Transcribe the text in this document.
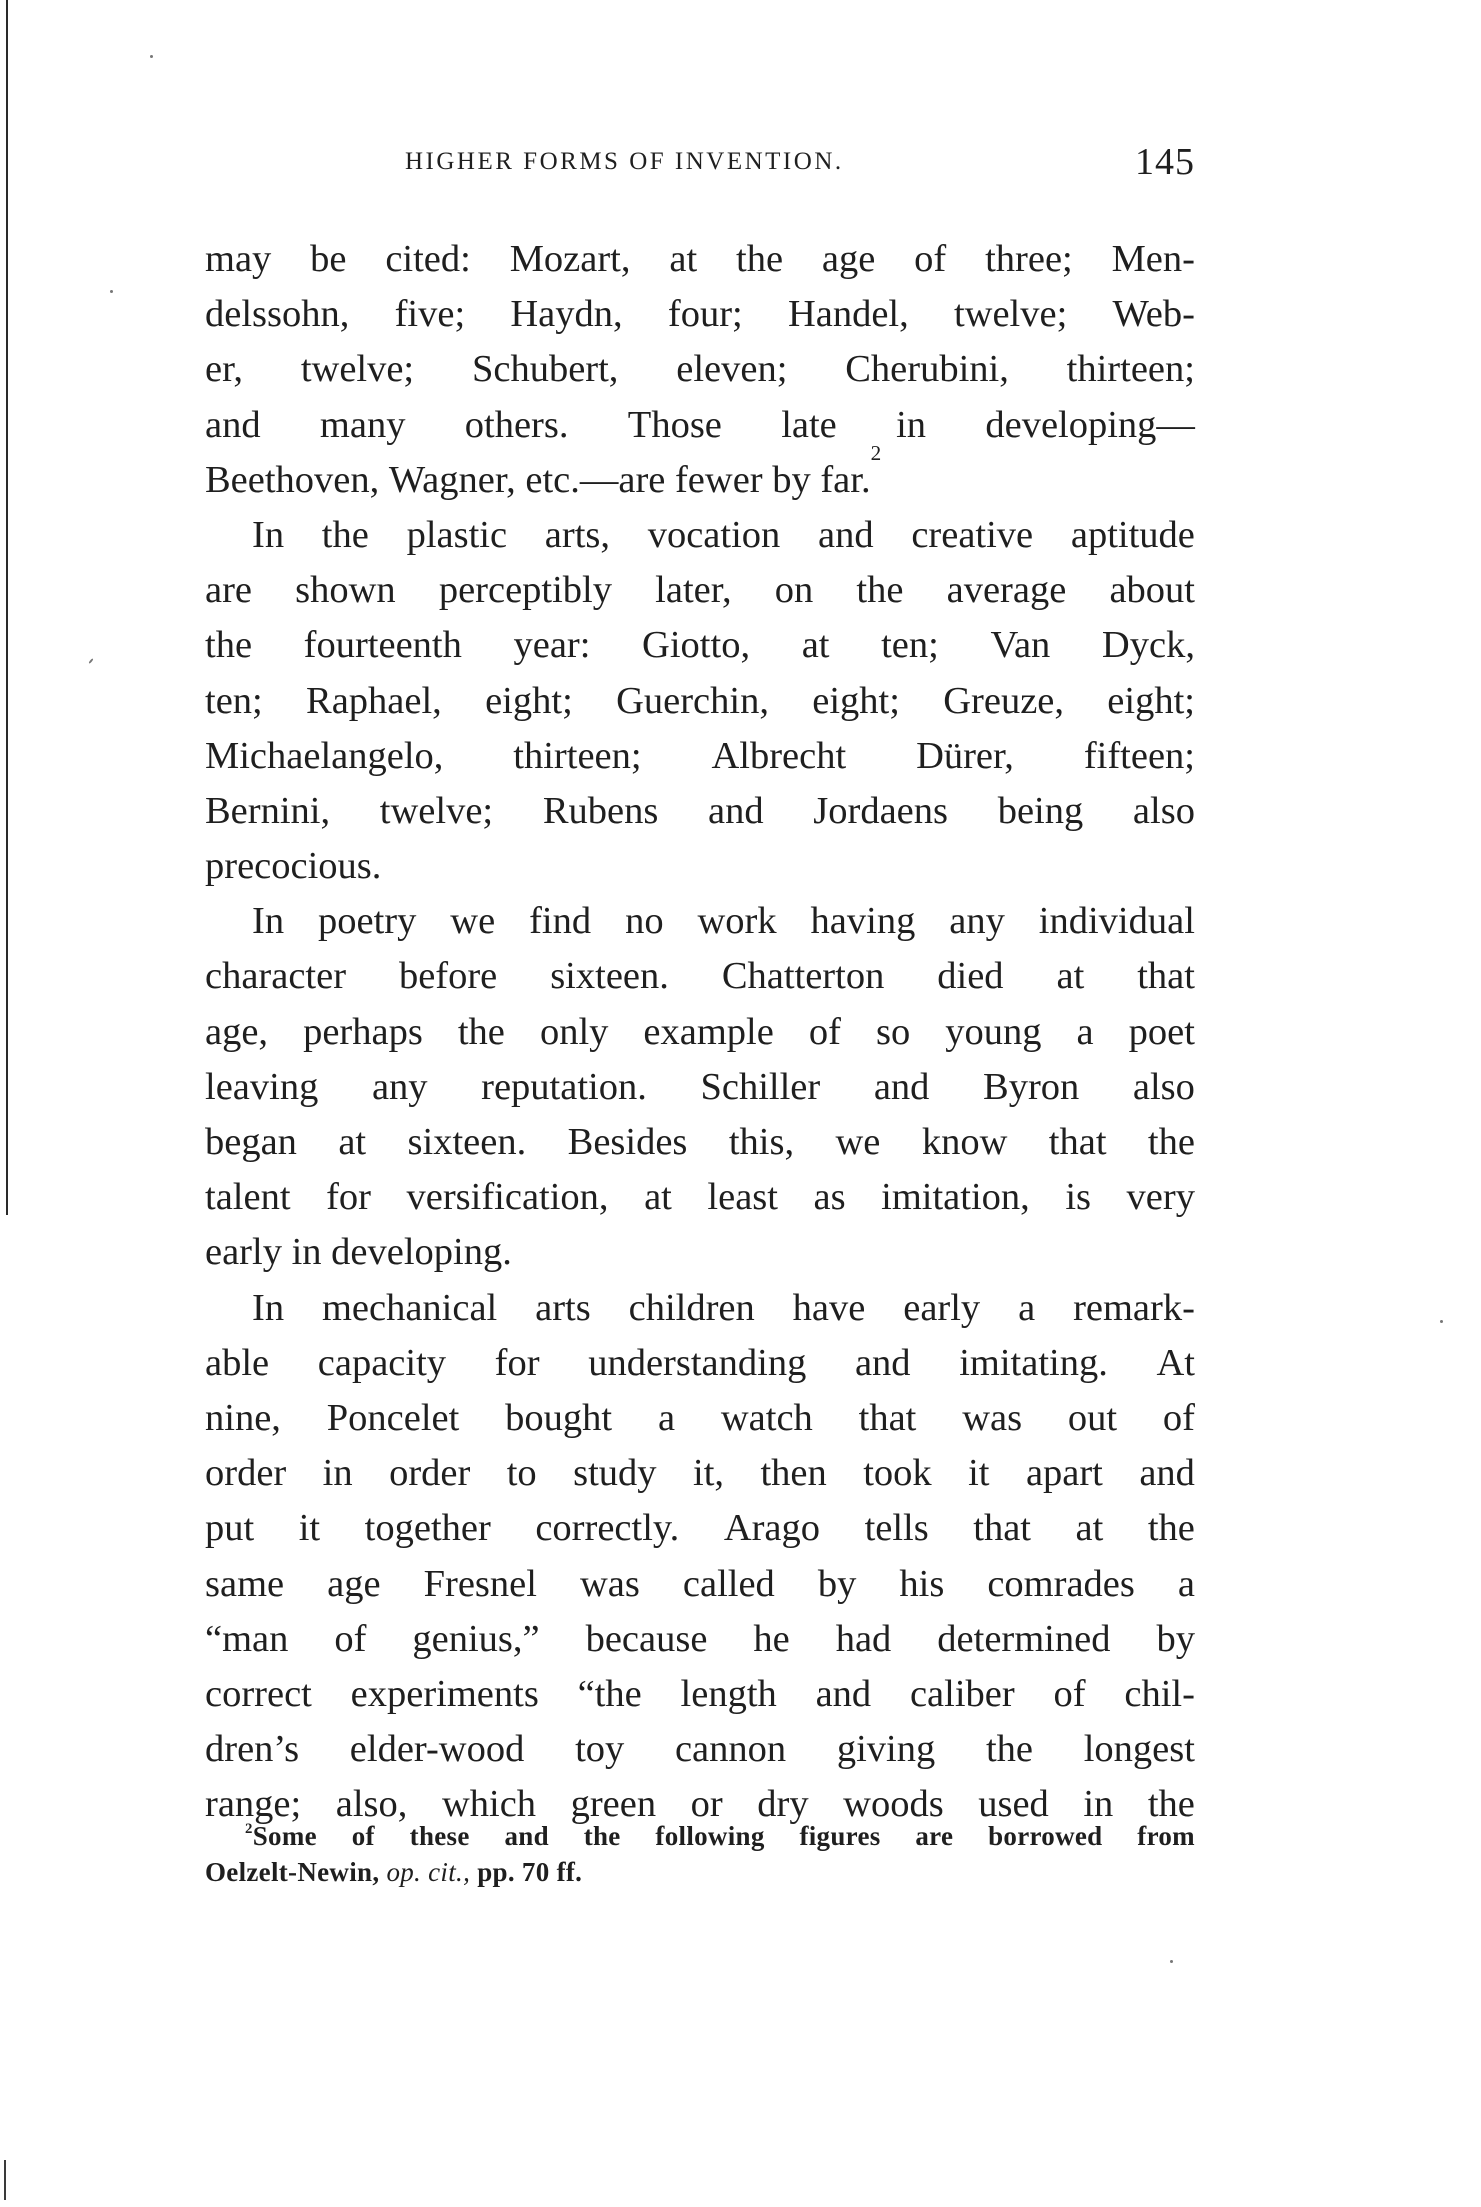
HIGHER FORMS OF INVENTION.	145
may be cited: Mozart, at the age of three; Men-
delssohn, five; Haydn, four; Handel, twelve; Web-
er, twelve; Schubert, eleven; Cherubini, thirteen;
and many others. Those late in developing—
Beethoven,
Wagner,
etc.—are
fewer
by
far.
2
In the plastic arts, vocation and creative aptitude
are shown perceptibly later, on the average about
the fourteenth year: Giotto, at ten; Van Dyck,
ten; Raphael, eight; Guerchin, eight; Greuze, eight;
Michaelangelo, thirteen; Albrecht Dürer, fifteen;
Bernini, twelve; Rubens and Jordaens being also
precocious.
In poetry we find no work having any individual
character before sixteen. Chatterton died at that
age, perhaps the only example of so young a poet
leaving any reputation. Schiller and Byron also
began at sixteen. Besides this, we know that the
talent for versification, at least as imitation, is very
early
in
developing.
In mechanical arts children have early a remark-
able capacity for understanding and imitating. At
nine, Poncelet bought a watch that was out of
order in order to study it, then took it apart and
put it together correctly. Arago tells that at the
same age Fresnel was called by his comrades a
“man of genius,” because he had determined by
correct experiments “the length and caliber of chil-
dren’s elder-wood toy cannon giving the longest
range; also, which green or dry woods used in the
$^2$Some of these and the following figures are borrowed from
Oelzelt-Newin,
op. cit.,
pp. 70 ff.
